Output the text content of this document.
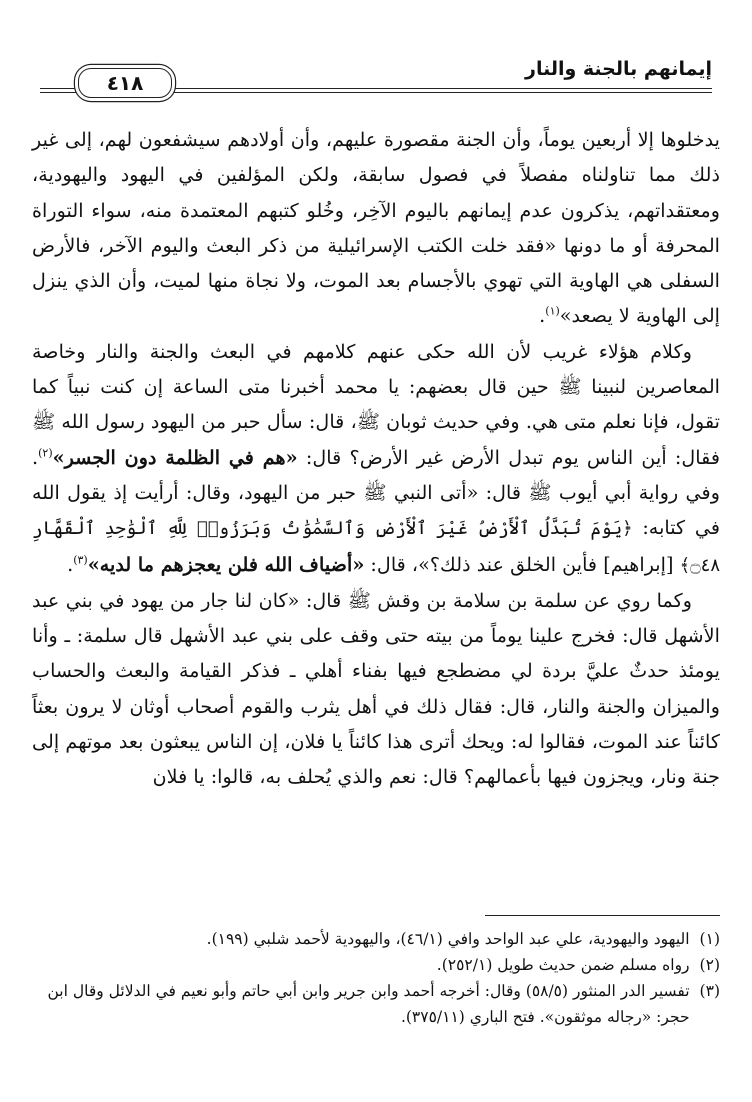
إيمانهم بالجنة والنار
٤١٨

يدخلوها إلا أربعين يوماً، وأن الجنة مقصورة عليهم، وأن أولادهم سيشفعون لهم، إلى غير ذلك مما تناولناه مفصلاً في فصول سابقة، ولكن المؤلفين في اليهود واليهودية، ومعتقداتهم، يذكرون عدم إيمانهم باليوم الآخِر، وخُلو كتبهم المعتمدة منه، سواء التوراة المحرفة أو ما دونها «فقد خلت الكتب الإسرائيلية من ذكر البعث واليوم الآخر، فالأرض السفلى هي الهاوية التي تهوي بالأجسام بعد الموت، ولا نجاة منها لميت، وأن الذي ينزل إلى الهاوية لا يصعد»$^{(١)}$.

وكلام هؤلاء غريب لأن الله حكى عنهم كلامهم في البعث والجنة والنار وخاصة المعاصرين لنبينا ﷺ حين قال بعضهم: يا محمد أخبرنا متى الساعة إن كنت نبياً كما تقول، فإنا نعلم متى هي. وفي حديث ثوبان ﷺ، قال: سأل حبر من اليهود رسول الله ﷺ فقال: أين الناس يوم تبدل الأرض غير الأرض؟ قال: «هم في الظلمة دون الجسر»$^{(٢)}$. وفي رواية أبي أيوب ﷺ قال: «أتى النبي ﷺ حبر من اليهود، وقال: أرأيت إذ يقول الله في كتابه: ﴿يَوْمَ تُبَدَّلُ ٱلْأَرْضُ غَيْرَ ٱلْأَرْضِ وَٱلسَّمَٰوَٰتُ وَبَرَزُوا۟ لِلَّهِ ٱلْوَٰحِدِ ٱلْقَهَّارِ ۝٤٨﴾ [إبراهيم] فأين الخلق عند ذلك؟»، قال: «أضياف الله فلن يعجزهم ما لديه»$^{(٣)}$.

وكما روي عن سلمة بن سلامة بن وقش ﷺ قال: «كان لنا جار من يهود في بني عبد الأشهل قال: فخرج علينا يوماً من بيته حتى وقف على بني عبد الأشهل قال سلمة: ـ وأنا يومئذ حدثٌ عليَّ بردة لي مضطجع فيها بفناء أهلي ـ فذكر القيامة والبعث والحساب والميزان والجنة والنار، قال: فقال ذلك في أهل يثرب والقوم أصحاب أوثان لا يرون بعثاً كائناً عند الموت، فقالوا له: ويحك أترى هذا كائناً يا فلان، إن الناس يبعثون بعد موتهم إلى جنة ونار، ويجزون فيها بأعمالهم؟ قال: نعم والذي يُحلف به، قالوا: يا فلان

(١)
اليهود واليهودية، علي عبد الواحد وافي (٤٦/١)، واليهودية لأحمد شلبي (١٩٩).
(٢)
رواه مسلم ضمن حديث طويل (٢٥٢/١).
(٣)
تفسير الدر المنثور (٥٨/٥) وقال: أخرجه أحمد وابن جرير وابن أبي حاتم وأبو نعيم في الدلائل وقال ابن حجر: «رجاله موثقون». فتح الباري (٣٧٥/١١).
